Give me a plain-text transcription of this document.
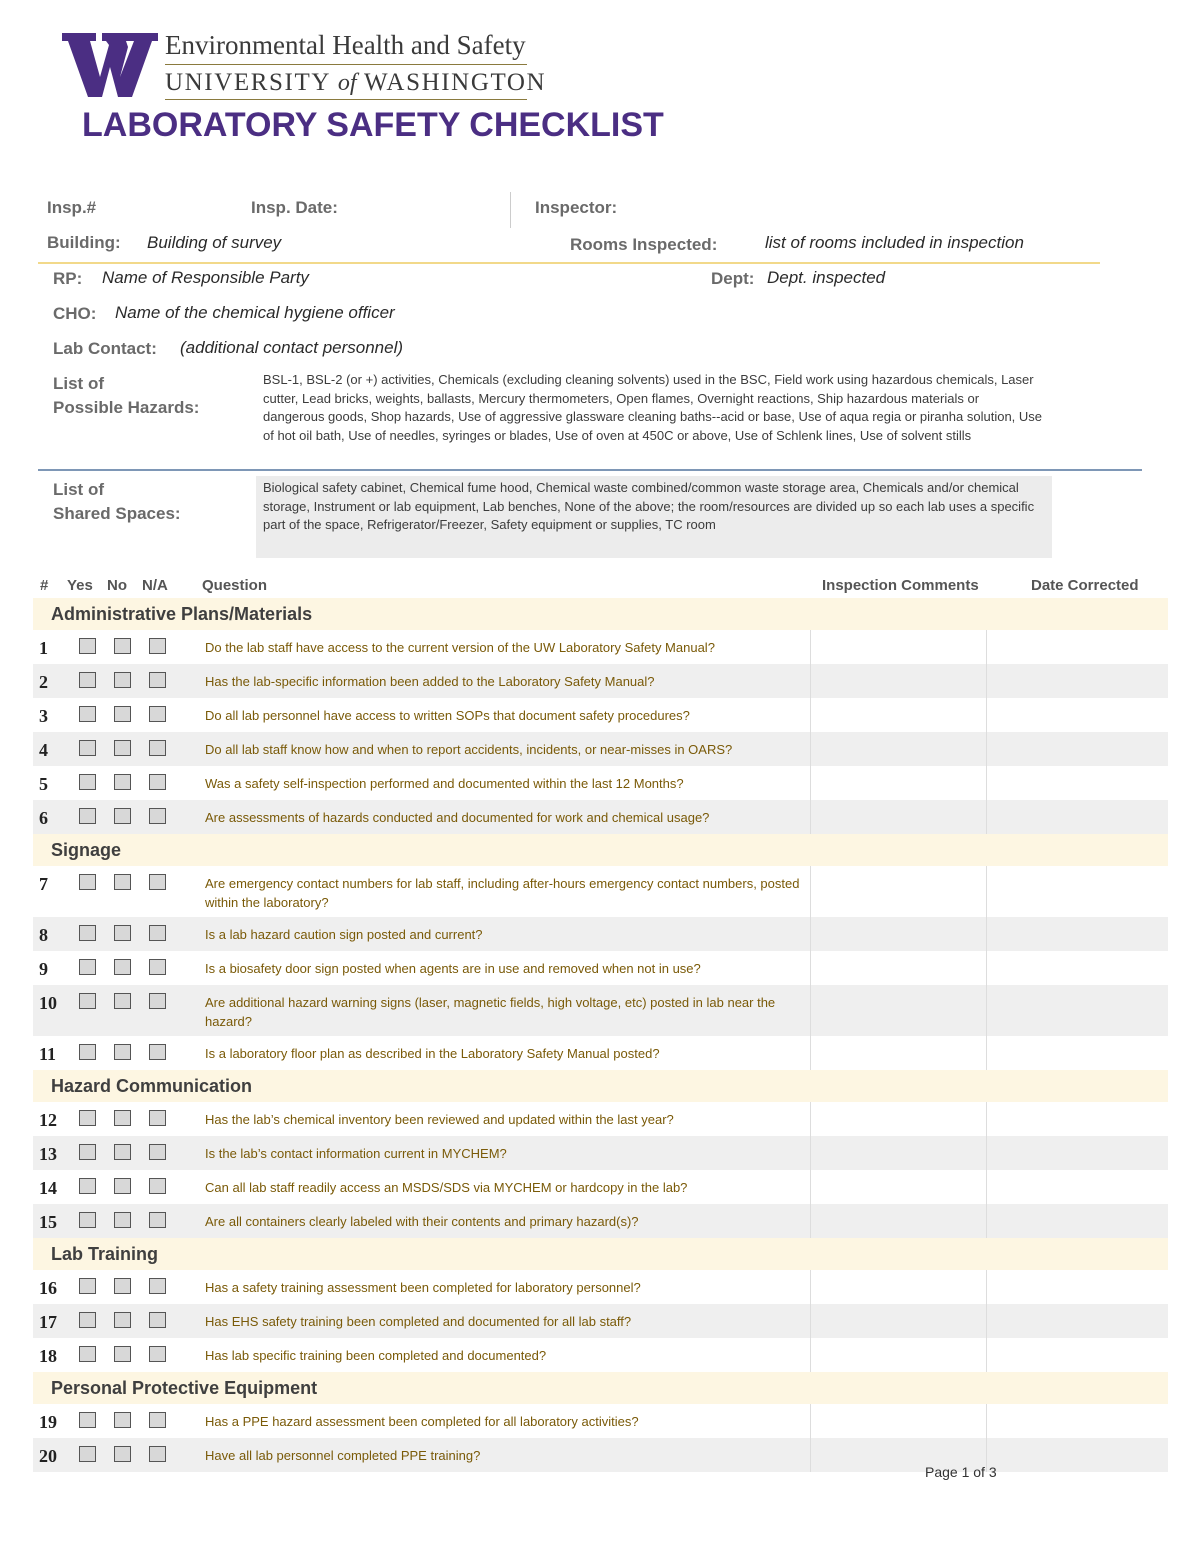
Environmental Health and Safety
UNIVERSITY of WASHINGTON
LABORATORY SAFETY CHECKLIST
Insp.#	Insp. Date:	Inspector:
Building: Building of survey	Rooms Inspected:	list of rooms included in inspection
RP: Name of Responsible Party	Dept: Dept. inspected
CHO: Name of the chemical hygiene officer
Lab Contact: (additional contact personnel)
List of
Possible Hazards:
BSL-1, BSL-2 (or +) activities, Chemicals (excluding cleaning solvents) used in the BSC, Field work using hazardous chemicals, Laser cutter, Lead bricks, weights, ballasts, Mercury thermometers, Open flames, Overnight reactions, Ship hazardous materials or dangerous goods, Shop hazards, Use of aggressive glassware cleaning baths--acid or base, Use of aqua regia or piranha solution, Use of hot oil bath, Use of needles, syringes or blades, Use of oven at 450C or above, Use of Schlenk lines, Use of solvent stills
List of
Shared Spaces:
Biological safety cabinet, Chemical fume hood, Chemical waste combined/common waste storage area, Chemicals and/or chemical storage, Instrument or lab equipment, Lab benches, None of the above; the room/resources are divided up so each lab uses a specific part of the space, Refrigerator/Freezer, Safety equipment or supplies, TC room
# Yes No N/A Question	Inspection Comments	Date Corrected
Administrative Plans/Materials
1	Do the lab staff have access to the current version of the UW Laboratory Safety Manual?
2	Has the lab-specific information been added to the Laboratory Safety Manual?
3	Do all lab personnel have access to written SOPs that document safety procedures?
4	Do all lab staff know how and when to report accidents, incidents, or near-misses in OARS?
5	Was a safety self-inspection performed and documented within the last 12 Months?
6	Are assessments of hazards conducted and documented for work and chemical usage?
Signage
7	Are emergency contact numbers for lab staff, including after-hours emergency contact numbers, posted within the laboratory?
8	Is a lab hazard caution sign posted and current?
9	Is a biosafety door sign posted when agents are in use and removed when not in use?
10	Are additional hazard warning signs (laser, magnetic fields, high voltage, etc) posted in lab near the hazard?
11	Is a laboratory floor plan as described in the Laboratory Safety Manual posted?
Hazard Communication
12	Has the lab’s chemical inventory been reviewed and updated within the last year?
13	Is the lab’s contact information current in MYCHEM?
14	Can all lab staff readily access an MSDS/SDS via MYCHEM or hardcopy in the lab?
15	Are all containers clearly labeled with their contents and primary hazard(s)?
Lab Training
16	Has a safety training assessment been completed for laboratory personnel?
17	Has EHS safety training been completed and documented for all lab staff?
18	Has lab specific training been completed and documented?
Personal Protective Equipment
19	Has a PPE hazard assessment been completed for all laboratory activities?
20	Have all lab personnel completed PPE training?
Page 1 of 3
